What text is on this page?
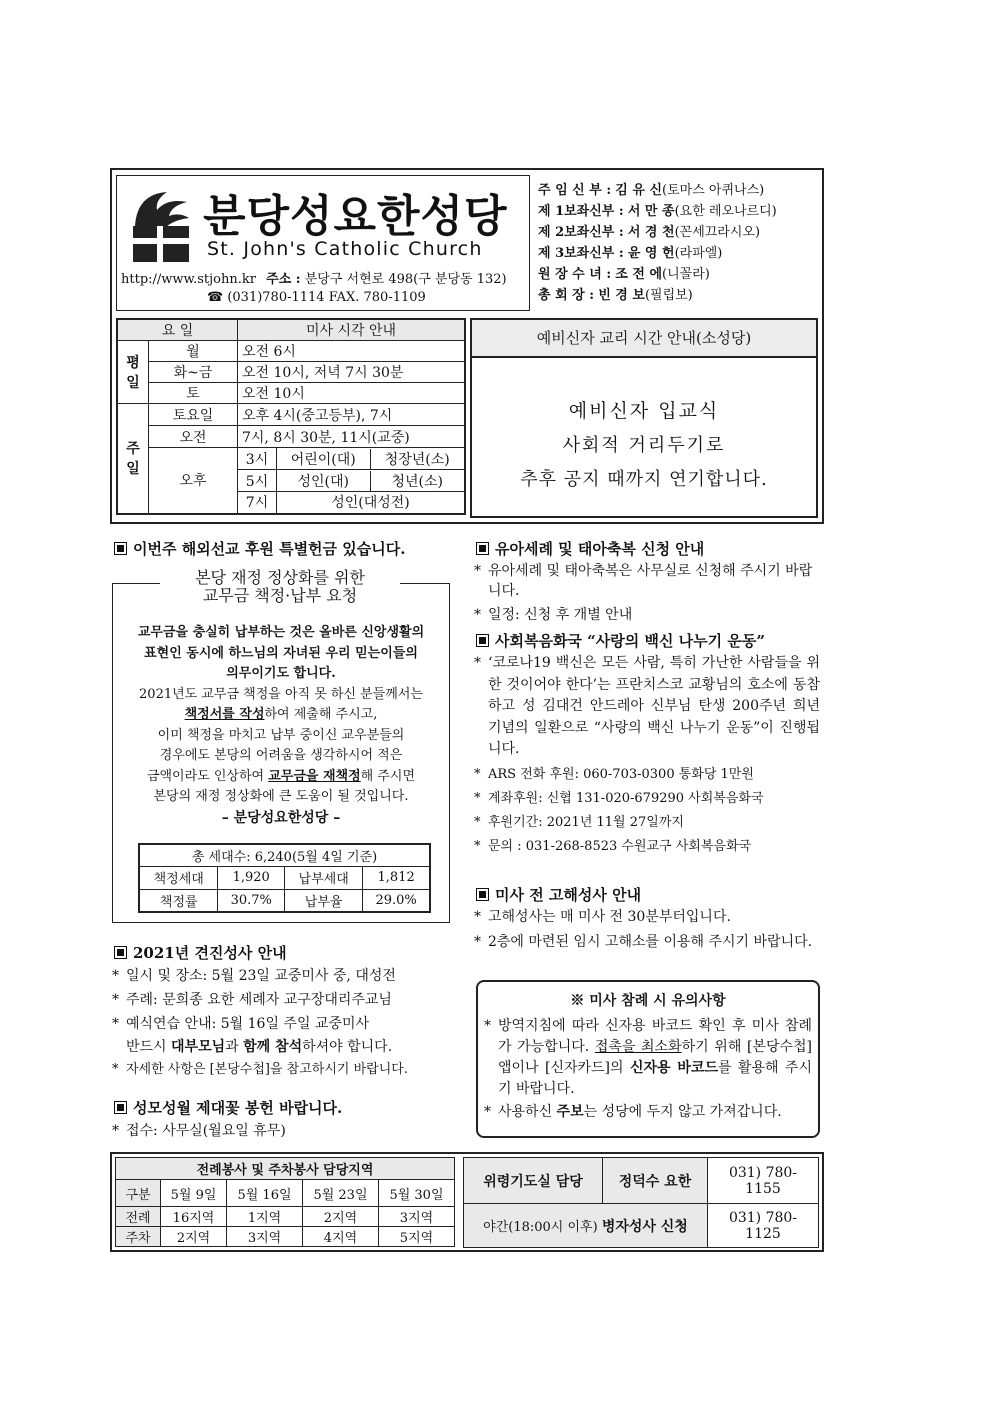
분당성요한성당
St. John's Catholic Church
http://www.stjohn.kr 주소 : 분당구 서현로 498(구 분당동 132)
☎ (031)780-1114 FAX. 780-1109
주 임 신 부 : 김 유 신(토마스 아퀴나스)
제 1보좌신부 : 서 만 종(요한 레오나르디)
제 2보좌신부 : 서 경 천(꼰세끄라시오)
제 3보좌신부 : 윤 영 헌(라파엘)
원 장 수 녀 : 조 전 에(니꼴라)
총 회 장 : 빈 경 보(필립보)
요 일		미사 시각 안내	
평일	월	오전 6시	
	화~금	오전 10시, 저녁 7시 30분	
	토	오전 10시	
주일	토요일	오후 4시(중고등부), 7시	
	오전	7시, 8시 30분, 11시(교중)	
	오후	3시	어린이(대) 청장년(소)
		5시	성인(대) 청년(소)
		7시	성인(대성전)
예비신자 교리 시간 안내(소성당)
예비신자 입교식
사회적 거리두기로
추후 공지 때까지 연기합니다.
이번주 해외선교 후원 특별헌금 있습니다.
본당 재정 정상화를 위한
교무금 책정·납부 요청
교무금을 충실히 납부하는 것은 올바른 신앙생활의
표현인 동시에 하느님의 자녀된 우리 믿는이들의
의무이기도 합니다.
2021년도 교무금 책정을 아직 못 하신 분들께서는
책정서를 작성하여 제출해 주시고,
이미 책정을 마치고 납부 중이신 교우분들의
경우에도 본당의 어려움을 생각하시어 적은
금액이라도 인상하여 교무금을 재책정해 주시면
본당의 재정 정상화에 큰 도움이 될 것입니다.
– 분당성요한성당 –
총 세대수: 6,240(5월 4일 기준)			
책정세대	1,920	납부세대	1,812
책정률	30.7%	납부율	29.0%
2021년 견진성사 안내
* 일시 및 장소: 5월 23일 교중미사 중, 대성전
* 주례: 문희종 요한 세례자 교구장대리주교님
* 예식연습 안내: 5월 16일 주일 교중미사
반드시 대부모님과 함께 참석하셔야 합니다.
* 자세한 사항은 [본당수첩]을 참고하시기 바랍니다.
성모성월 제대꽃 봉헌 바랍니다.
* 접수: 사무실(월요일 휴무)
유아세례 및 태아축복 신청 안내
* 유아세례 및 태아축복은 사무실로 신청해 주시기 바랍니다.
* 일정: 신청 후 개별 안내
사회복음화국 “사랑의 백신 나누기 운동”
* ‘코로나19 백신은 모든 사람, 특히 가난한 사람들을 위한 것이어야 한다’는 프란치스코 교황님의 호소에 동참하고 성 김대건 안드레아 신부님 탄생 200주년 희년 기념의 일환으로 “사랑의 백신 나누기 운동”이 진행됩니다.
* ARS 전화 후원: 060-703-0300 통화당 1만원
* 계좌후원: 신협 131-020-679290 사회복음화국
* 후원기간: 2021년 11월 27일까지
* 문의 : 031-268-8523 수원교구 사회복음화국
미사 전 고해성사 안내
* 고해성사는 매 미사 전 30분부터입니다.
* 2층에 마련된 임시 고해소를 이용해 주시기 바랍니다.
※ 미사 참례 시 유의사항
* 방역지침에 따라 신자용 바코드 확인 후 미사 참례가 가능합니다. 접촉을 최소화하기 위해 [본당수첩] 앱이나 [신자카드]의 신자용 바코드를 활용해 주시기 바랍니다.
* 사용하신 주보는 성당에 두지 않고 가져갑니다.
전례봉사 및 주차봉사 담당지역				
구분	5월 9일	5월 16일	5월 23일	5월 30일
전례	16지역	1지역	2지역	3지역
주차	2지역	3지역	4지역	5지역
위령기도실 담당	정덕수 요한	031) 780-1155
야간(18:00시 이후) 병자성사 신청		031) 780-1125
